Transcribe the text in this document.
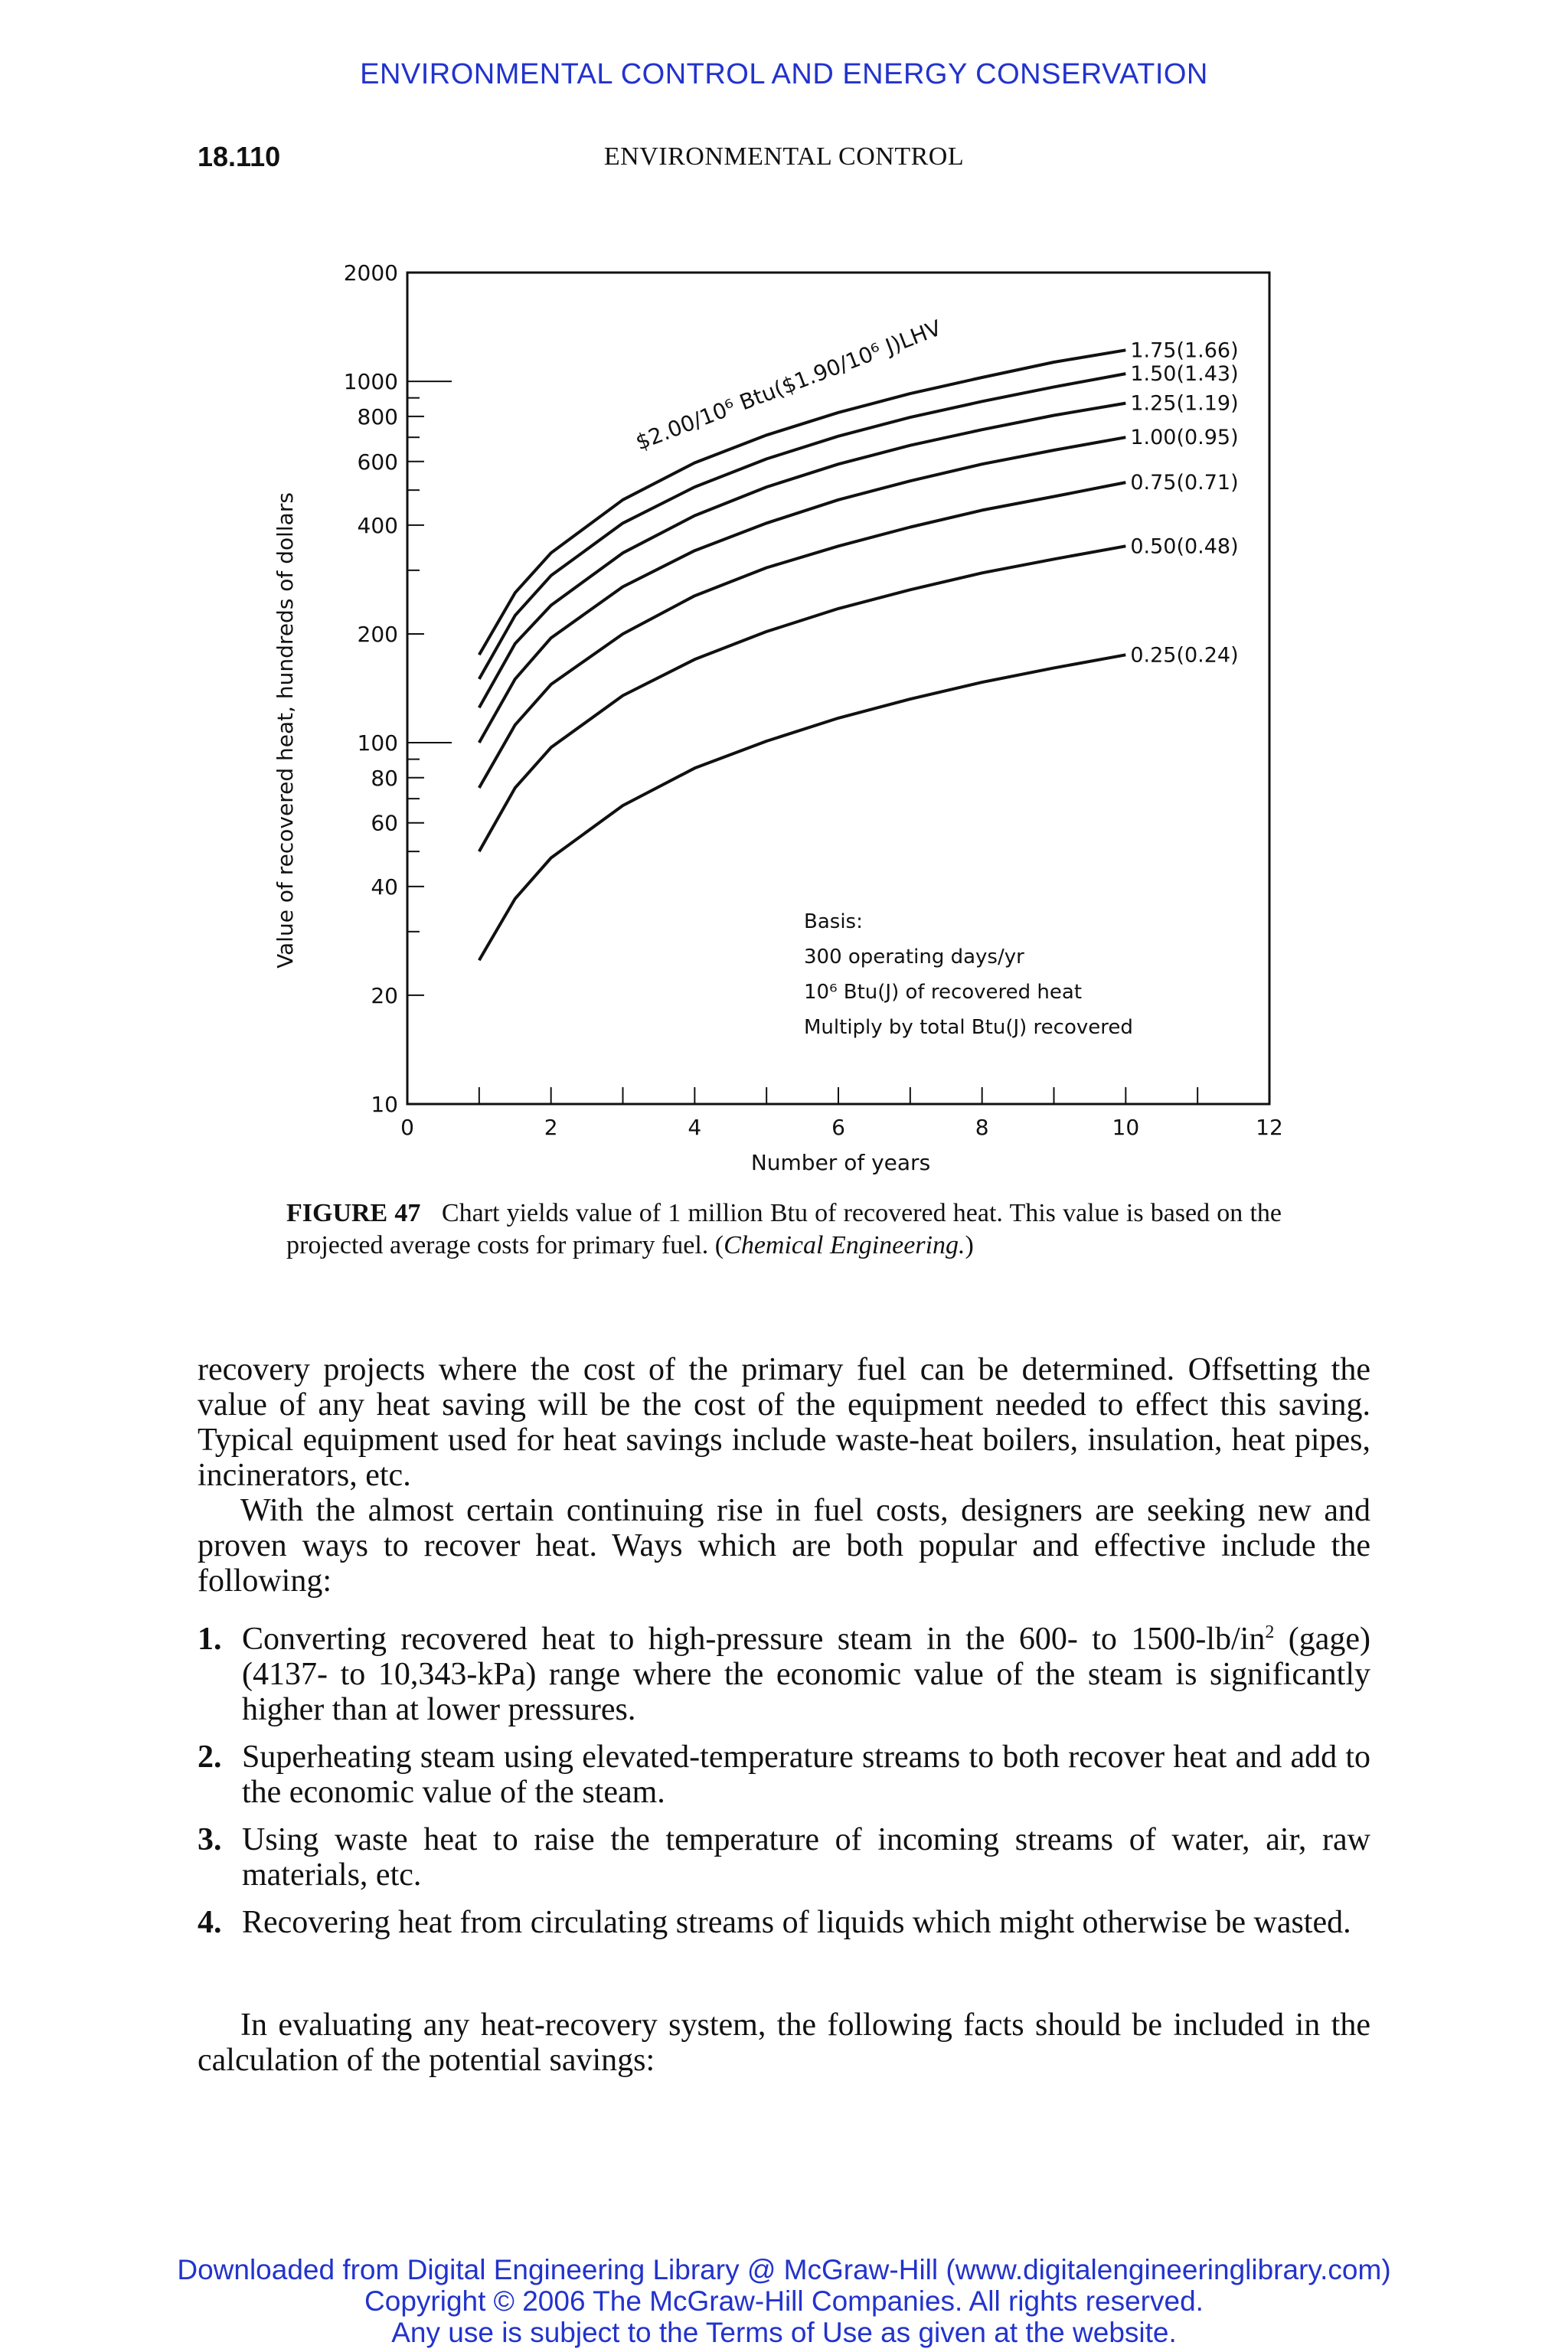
ENVIRONMENTAL CONTROL AND ENERGY CONSERVATION
18.110	ENVIRONMENTAL CONTROL
0	2	4	6	8	10	12
2000
1000
800
600
400
200
100
80
60
40
20
10
1.75(1.66)
1.50(1.43)
1.25(1.19)
1.00(0.95)
0.75(0.71)
0.50(0.48)
0.25(0.24)
$2.00/10⁶ Btu($1.90/10⁶ J)LHV
Basis:
300 operating days/yr
10⁶ Btu(J) of recovered heat
Multiply by total Btu(J) recovered
Number of years
Value of recovered heat, hundreds of dollars
FIGURE 47 Chart yields value of 1 million Btu of recovered heat. This value is based on the projected average costs for primary fuel. (Chemical Engineering.)
recovery projects where the cost of the primary fuel can be determined. Offsetting the value of any heat saving will be the cost of the equipment needed to effect this saving. Typical equipment used for heat savings include waste-heat boilers, insulation, heat pipes, incinerators, etc.
With the almost certain continuing rise in fuel costs, designers are seeking new and proven ways to recover heat. Ways which are both popular and effective include the following:
1. Converting recovered heat to high-pressure steam in the 600- to $1500-lb/in^2$ (gage) (4137- to 10,343-kPa) range where the economic value of the steam is significantly higher than at lower pressures.
2. Superheating steam using elevated-temperature streams to both recover heat and add to the economic value of the steam.
3. Using waste heat to raise the temperature of incoming streams of water, air, raw materials, etc.
4. Recovering heat from circulating streams of liquids which might otherwise be wasted.
In evaluating any heat-recovery system, the following facts should be included in the calculation of the potential savings:
Downloaded from Digital Engineering Library @ McGraw-Hill (www.digitalengineeringlibrary.com)
Copyright © 2006 The McGraw-Hill Companies. All rights reserved.
Any use is subject to the Terms of Use as given at the website.
